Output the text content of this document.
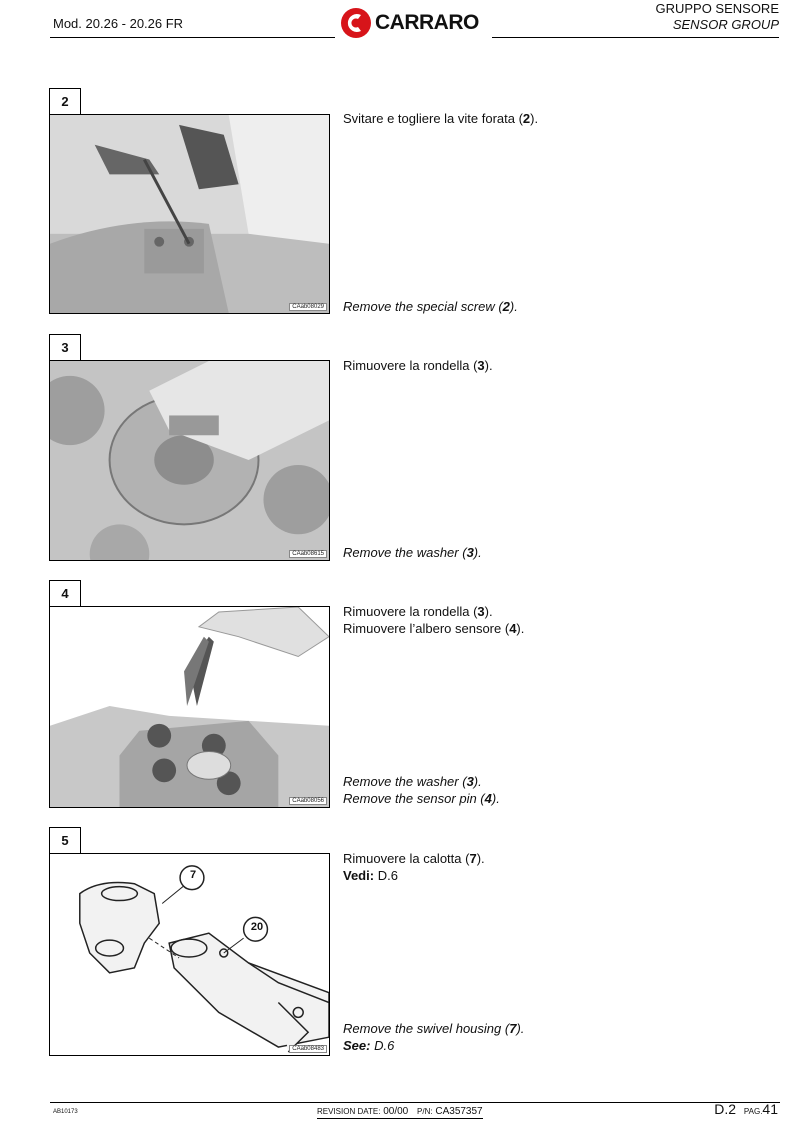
Mod. 20.26 - 20.26 FR	CARRARO
GRUPPO SENSORE
SENSOR GROUP
2
CAab08029
Svitare e togliere la vite forata (2).
Remove the special screw (2).
3
CAab08615
Rimuovere la rondella (3).
Remove the washer (3).
4
CAab08056
Rimuovere la rondella (3).
Rimuovere l’albero sensore (4).
Remove the washer (3).
Remove the sensor pin (4).
5
7
20
CAab08483
Rimuovere la calotta (7).
Vedi: D.6
Remove the swivel housing (7).
See: D.6
AB10173	REVISION DATE: 00/00 P/N: CA357357	D.2 PAG.41
